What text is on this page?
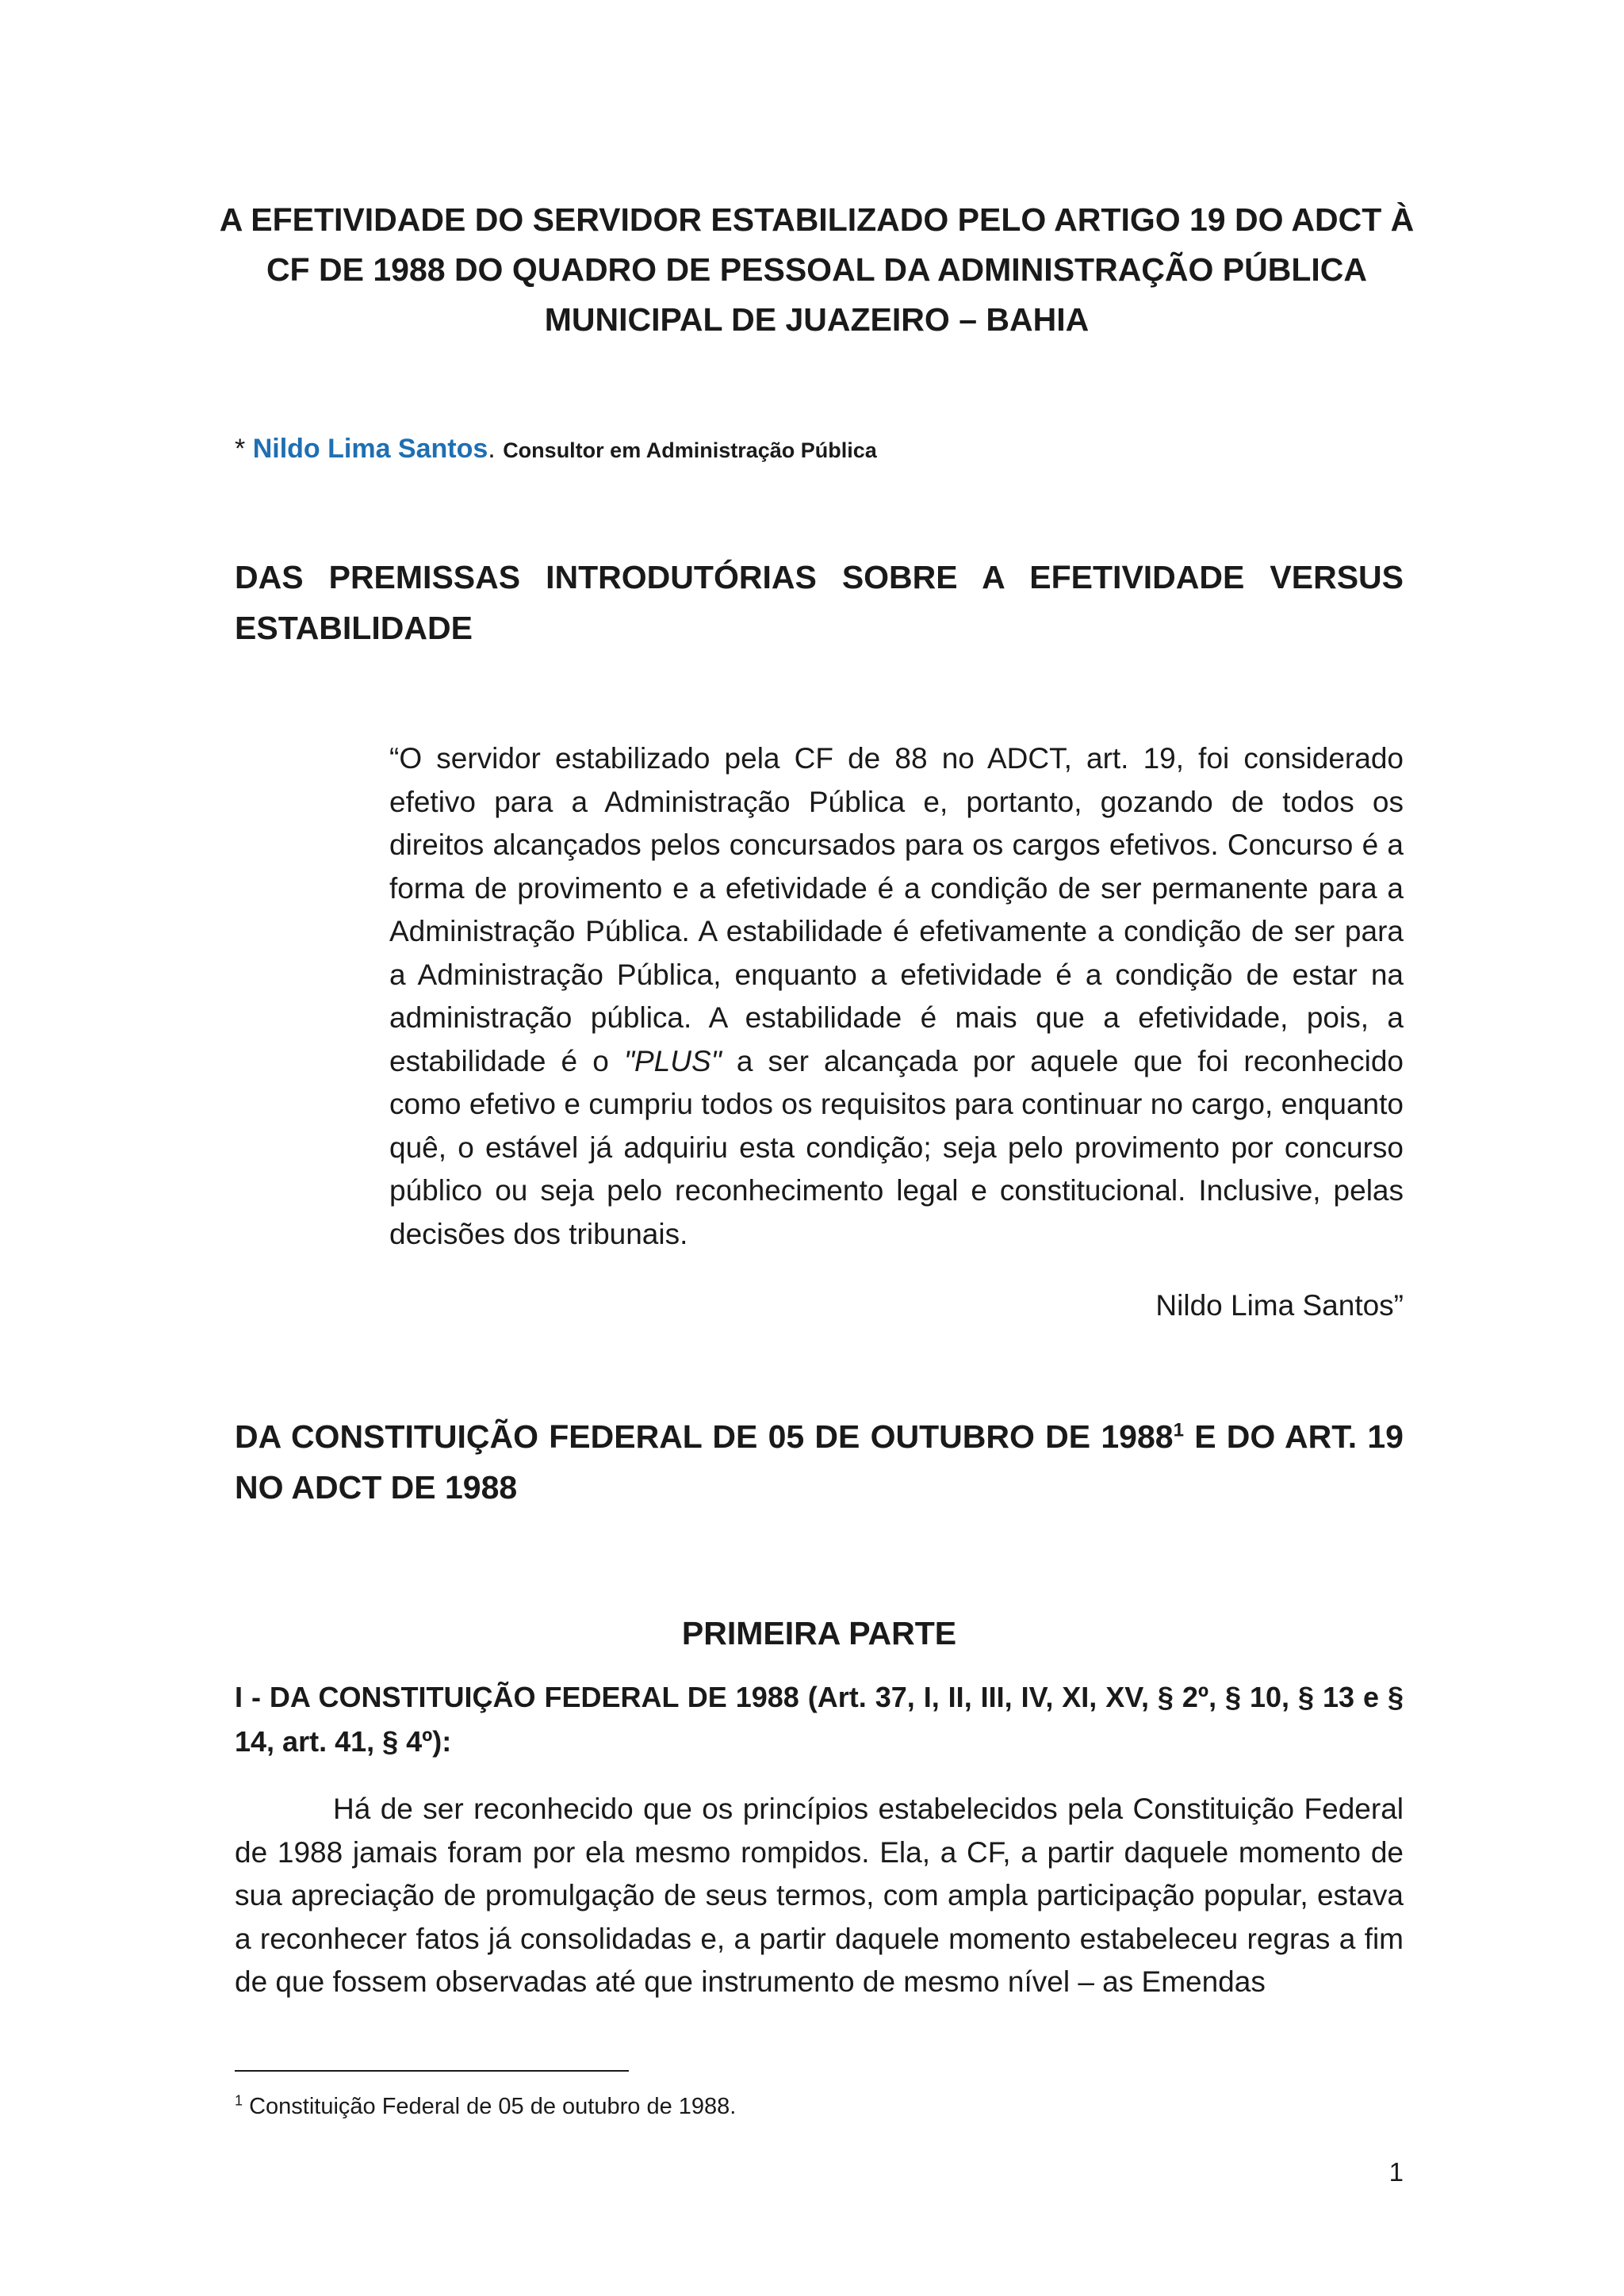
A EFETIVIDADE DO SERVIDOR ESTABILIZADO PELO ARTIGO 19 DO ADCT À CF DE 1988 DO QUADRO DE PESSOAL DA ADMINISTRAÇÃO PÚBLICA MUNICIPAL DE JUAZEIRO – BAHIA

* Nildo Lima Santos. Consultor em Administração Pública

DAS PREMISSAS INTRODUTÓRIAS SOBRE A EFETIVIDADE VERSUS ESTABILIDADE

“O servidor estabilizado pela CF de 88 no ADCT, art. 19, foi considerado efetivo para a Administração Pública e, portanto, gozando de todos os direitos alcançados pelos concursados para os cargos efetivos. Concurso é a forma de provimento e a efetividade é a condição de ser permanente para a Administração Pública. A estabilidade é efetivamente a condição de ser para a Administração Pública, enquanto a efetividade é a condição de estar na administração pública. A estabilidade é mais que a efetividade, pois, a estabilidade é o "PLUS" a ser alcançada por aquele que foi reconhecido como efetivo e cumpriu todos os requisitos para continuar no cargo, enquanto quê, o estável já adquiriu esta condição; seja pelo provimento por concurso público ou seja pelo reconhecimento legal e constitucional. Inclusive, pelas decisões dos tribunais.

Nildo Lima Santos”

DA CONSTITUIÇÃO FEDERAL DE 05 DE OUTUBRO DE 1988$^1$ E DO ART. 19 NO ADCT DE 1988
PRIMEIRA PARTE
I - DA CONSTITUIÇÃO FEDERAL DE 1988 (Art. 37, I, II, III, IV, XI, XV, § 2º, § 10, § 13 e § 14, art. 41, § 4º):

Há de ser reconhecido que os princípios estabelecidos pela Constituição Federal de 1988 jamais foram por ela mesmo rompidos. Ela, a CF, a partir daquele momento de sua apreciação de promulgação de seus termos, com ampla participação popular, estava a reconhecer fatos já consolidadas e, a partir daquele momento estabeleceu regras a fim de que fossem observadas até que instrumento de mesmo nível – as Emendas

$^1$ Constituição Federal de 05 de outubro de 1988.

1
